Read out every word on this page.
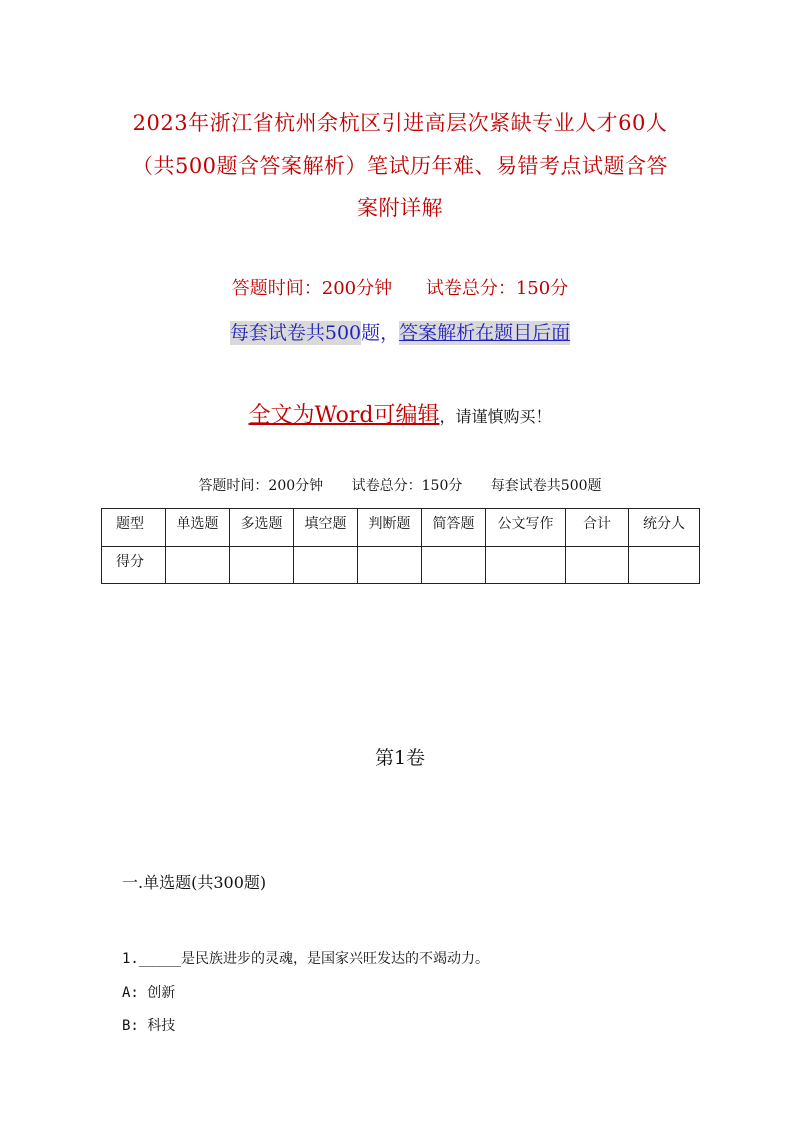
2023年浙江省杭州余杭区引进高层次紧缺专业人才60人
（共500题含答案解析）笔试历年难、易错考点试题含答
案附详解
答题时间：200分钟 试卷总分：150分
每套试卷共500题，答案解析在题目后面
全文为Word可编辑，请谨慎购买！
答题时间：200分钟 试卷总分：150分 每套试卷共500题
题型	单选题	多选题	填空题	判断题	简答题	公文写作	合计	统分人
得分								
第1卷
一.单选题(共300题)
1._____是民族进步的灵魂，是国家兴旺发达的不竭动力。
A: 创新
B: 科技
